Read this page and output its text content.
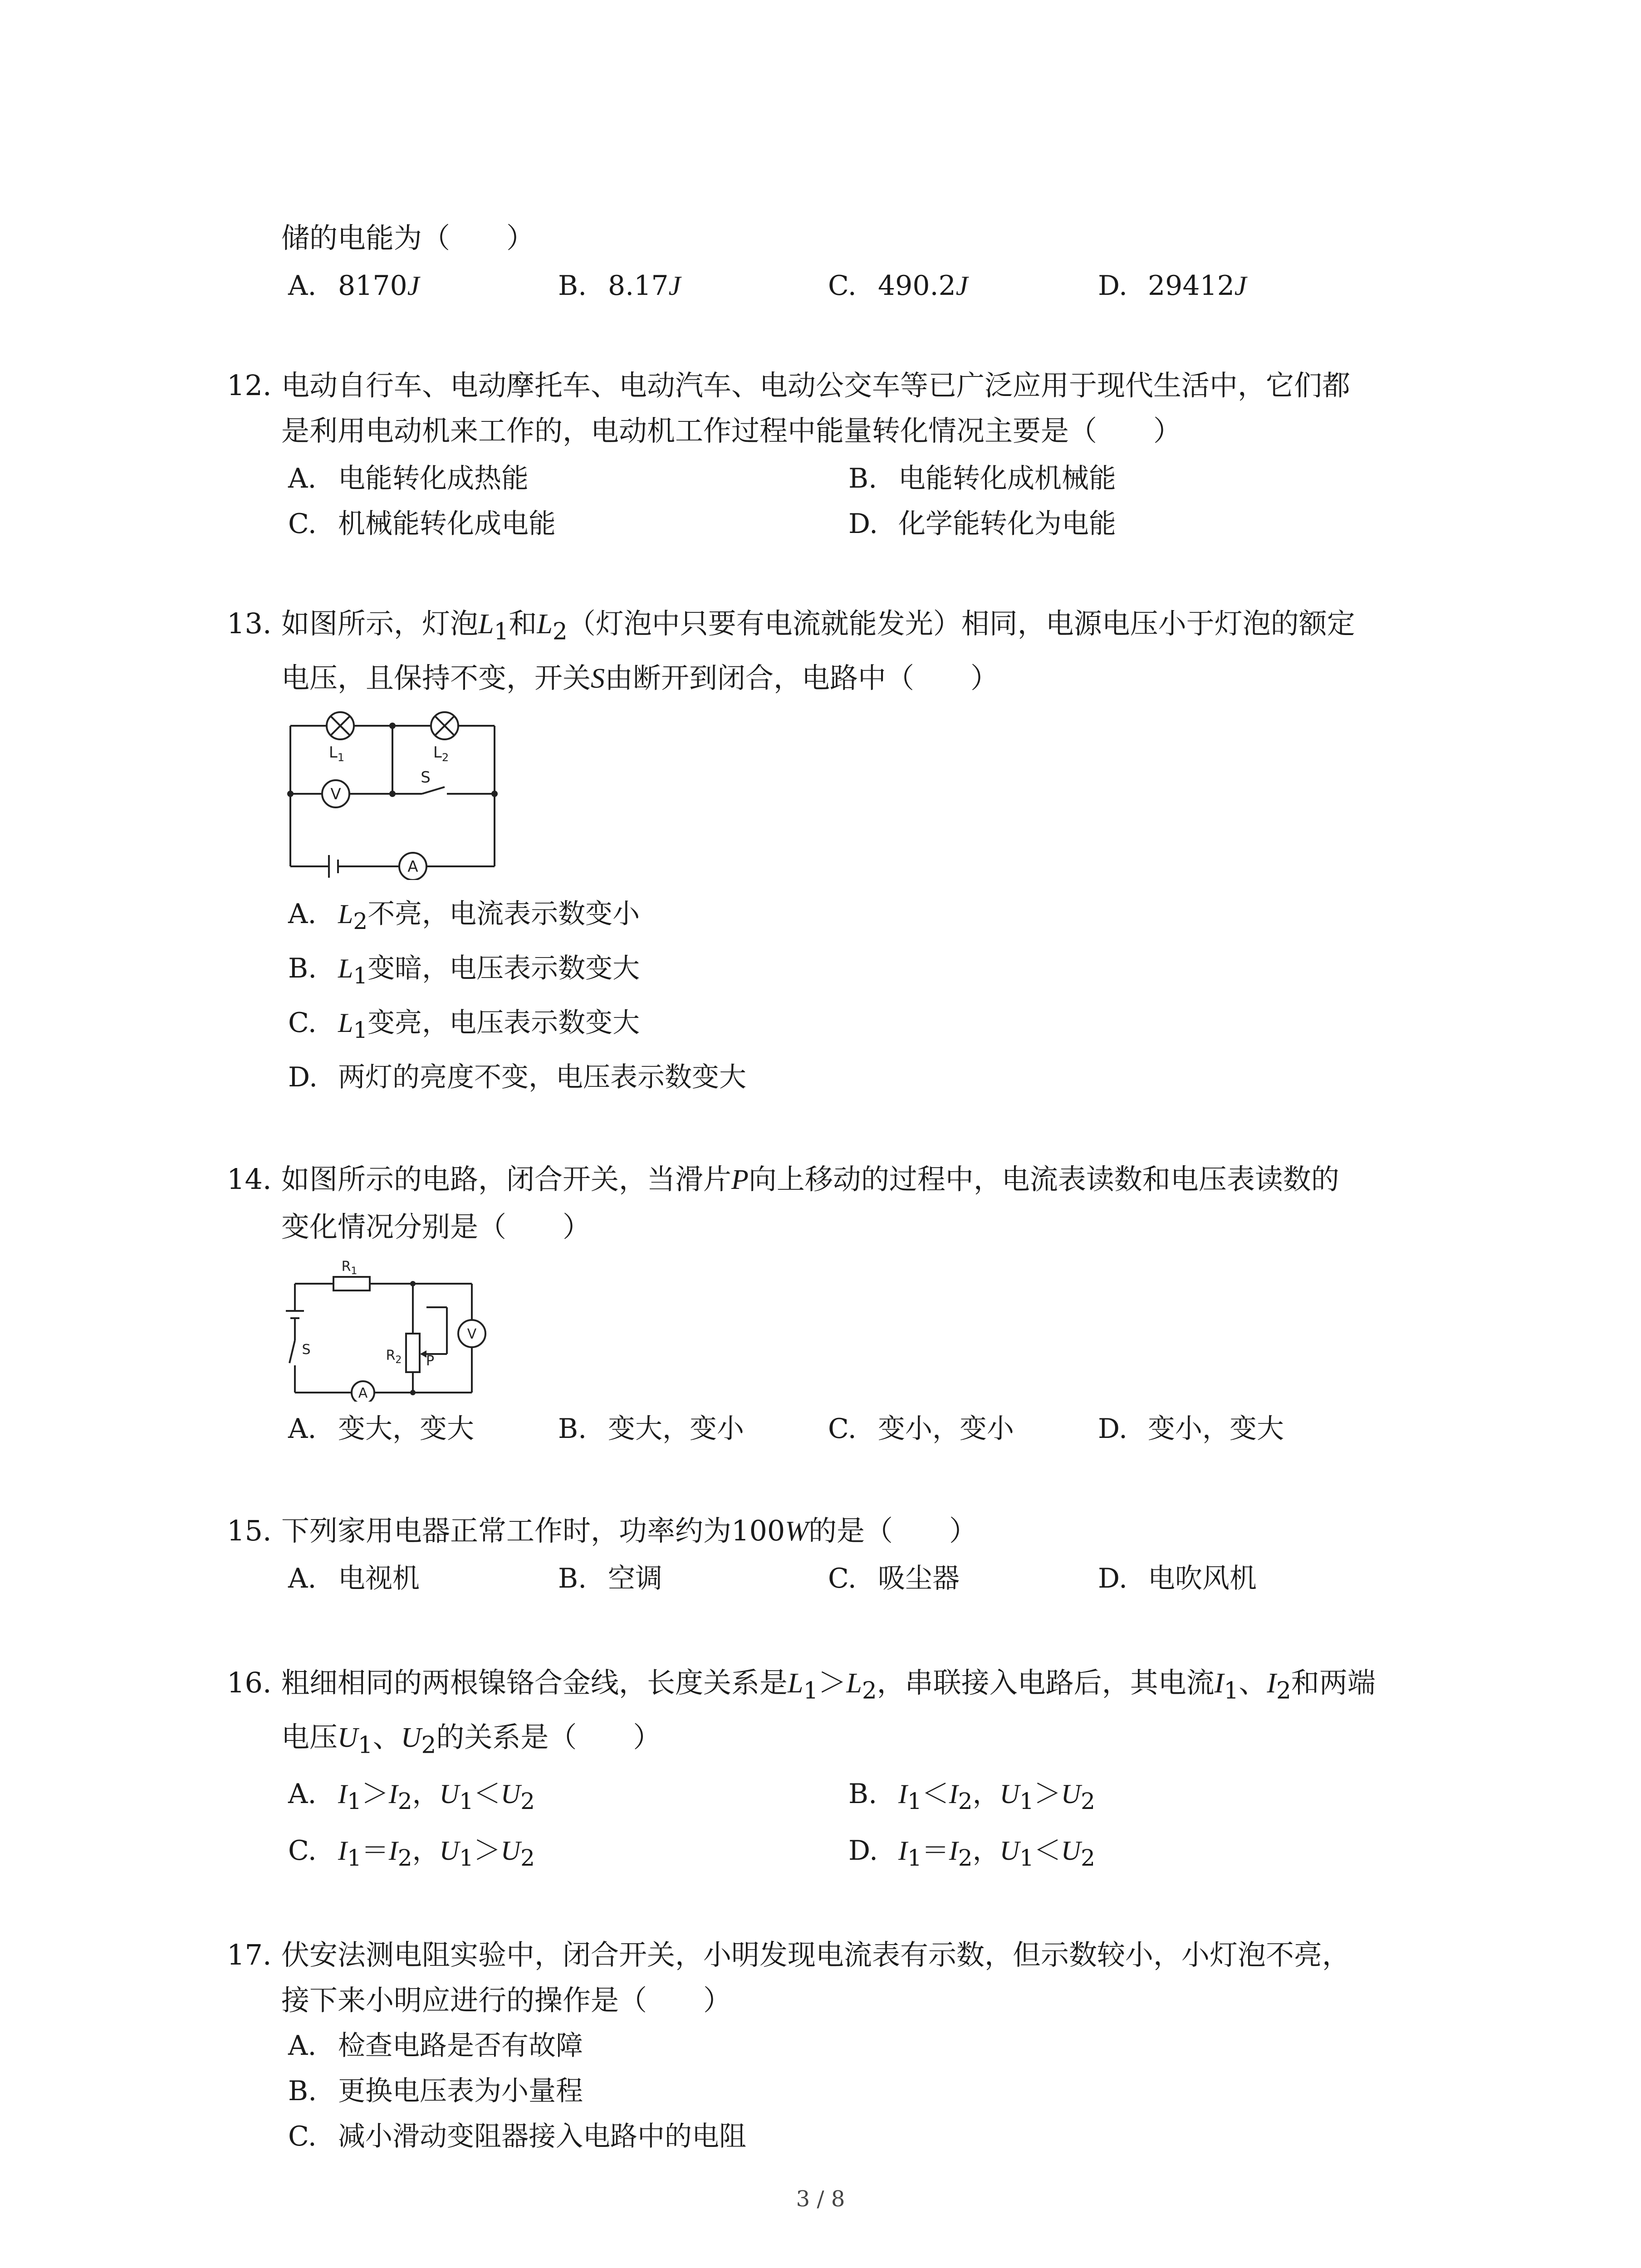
储的电能为（　　）
A. 8170J	B. 8.17J	C. 490.2J	D. 29412J
12. 电动自行车、电动摩托车、电动汽车、电动公交车等已广泛应用于现代生活中，它们都
是利用电动机来工作的，电动机工作过程中能量转化情况主要是（　　）
A. 电能转化成热能	B. 电能转化成机械能
C. 机械能转化成电能	D. 化学能转化为电能
13. 如图所示，灯泡$L_1$和$L_2$（灯泡中只要有电流就能发光）相同，电源电压小于灯泡的额定
电压，且保持不变，开关S由断开到闭合，电路中（　　）
V
A
S
$L_1$	$L_2$
A. $L_2$不亮，电流表示数变小
B. $L_1$变暗，电压表示数变大
C. $L_1$变亮，电压表示数变大
D. 两灯的亮度不变，电压表示数变大
14. 如图所示的电路，闭合开关，当滑片P向上移动的过程中，电流表读数和电压表读数的
变化情况分别是（　　）
A
V
S
P
$R_1$
$R_2$
A. 变大，变大	B. 变大，变小	C. 变小，变小	D. 变小，变大
15. 下列家用电器正常工作时，功率约为100W的是（　　）
A. 电视机	B. 空调	C. 吸尘器	D. 电吹风机
16. 粗细相同的两根镍铬合金线，长度关系是$L_1>L_2$，串联接入电路后，其电流$I_1$、$I_2$和两端
电压$U_1$、$U_2$的关系是（　　）
A. $I_1>I_2$，$U_1<U_2$	B. $I_1<I_2$，$U_1>U_2$
C. $I_1=I_2$，$U_1>U_2$	D. $I_1=I_2$，$U_1<U_2$
17. 伏安法测电阻实验中，闭合开关，小明发现电流表有示数，但示数较小，小灯泡不亮，
接下来小明应进行的操作是（　　）
A. 检查电路是否有故障
B. 更换电压表为小量程
C. 减小滑动变阻器接入电路中的电阻
3 / 8
